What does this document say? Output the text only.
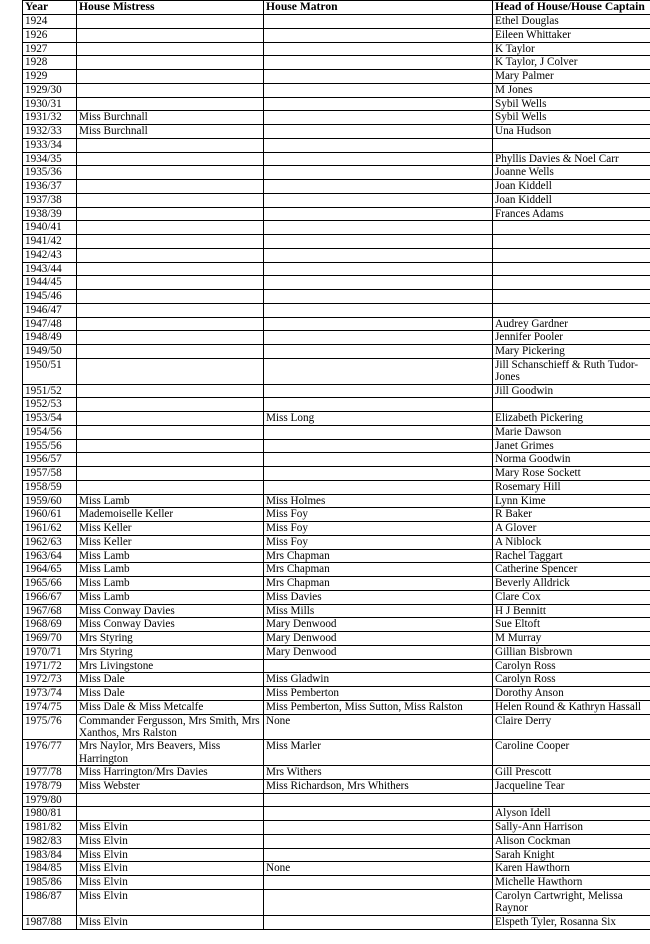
Year	House Mistress	House Matron	Head of House/House Captain
1924			Ethel Douglas
1926			Eileen Whittaker
1927			K Taylor
1928			K Taylor, J Colver
1929			Mary Palmer
1929/30			M Jones
1930/31			Sybil Wells
1931/32	Miss Burchnall		Sybil Wells
1932/33	Miss Burchnall		Una Hudson
1933/34			
1934/35			Phyllis Davies & Noel Carr
1935/36			Joanne Wells
1936/37			Joan Kiddell
1937/38			Joan Kiddell
1938/39			Frances Adams
1940/41			
1941/42			
1942/43			
1943/44			
1944/45			
1945/46			
1946/47			
1947/48			Audrey Gardner
1948/49			Jennifer Pooler
1949/50			Mary Pickering
1950/51			Jill Schanschieff & Ruth Tudor-Jones
1951/52			Jill Goodwin
1952/53			
1953/54		Miss Long	Elizabeth Pickering
1954/56			Marie Dawson
1955/56			Janet Grimes
1956/57			Norma Goodwin
1957/58			Mary Rose Sockett
1958/59			Rosemary Hill
1959/60	Miss Lamb	Miss Holmes	Lynn Kime
1960/61	Mademoiselle Keller	Miss Foy	R Baker
1961/62	Miss Keller	Miss Foy	A Glover
1962/63	Miss Keller	Miss Foy	A Niblock
1963/64	Miss Lamb	Mrs Chapman	Rachel Taggart
1964/65	Miss Lamb	Mrs Chapman	Catherine Spencer
1965/66	Miss Lamb	Mrs Chapman	Beverly Alldrick
1966/67	Miss Lamb	Miss Davies	Clare Cox
1967/68	Miss Conway Davies	Miss Mills	H J Bennitt
1968/69	Miss Conway Davies	Mary Denwood	Sue Eltoft
1969/70	Mrs Styring	Mary Denwood	M Murray
1970/71	Mrs Styring	Mary Denwood	Gillian Bisbrown
1971/72	Mrs Livingstone		Carolyn Ross
1972/73	Miss Dale	Miss Gladwin	Carolyn Ross
1973/74	Miss Dale	Miss Pemberton	Dorothy Anson
1974/75	Miss Dale & Miss Metcalfe	Miss Pemberton, Miss Sutton, Miss Ralston	Helen Round & Kathryn Hassall
1975/76	Commander Fergusson, Mrs Smith, Mrs Xanthos, Mrs Ralston	None	Claire Derry
1976/77	Mrs Naylor, Mrs Beavers, Miss Harrington	Miss Marler	Caroline Cooper
1977/78	Miss Harrington/Mrs Davies	Mrs Withers	Gill Prescott
1978/79	Miss Webster	Miss Richardson, Mrs Whithers	Jacqueline Tear
1979/80			
1980/81			Alyson Idell
1981/82	Miss Elvin		Sally-Ann Harrison
1982/83	Miss Elvin		Alison Cockman
1983/84	Miss Elvin		Sarah Knight
1984/85	Miss Elvin	None	Karen Hawthorn
1985/86	Miss Elvin		Michelle Hawthorn
1986/87	Miss Elvin		Carolyn Cartwright, Melissa Raynor
1987/88	Miss Elvin		Elspeth Tyler, Rosanna Six
